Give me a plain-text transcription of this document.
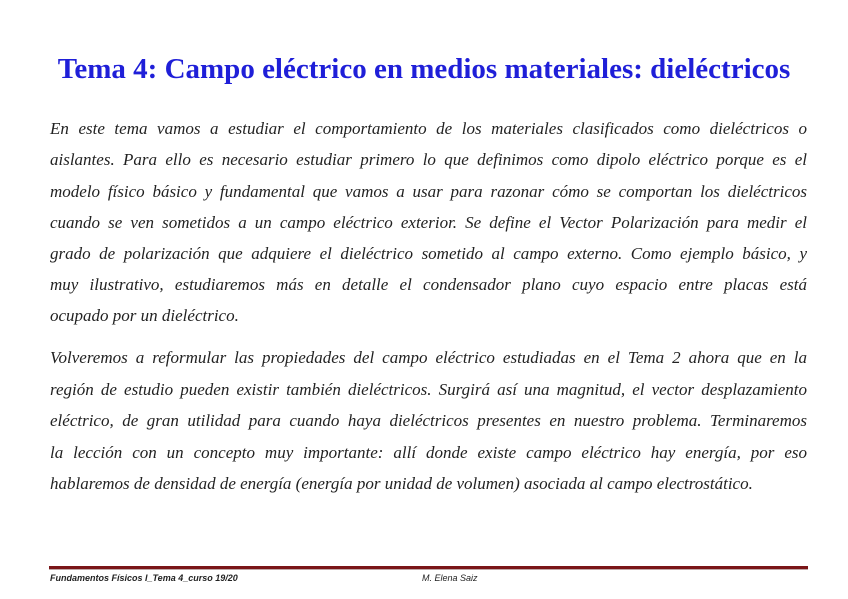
Tema 4: Campo eléctrico en medios materiales: dieléctricos
En este tema vamos a estudiar el comportamiento de los materiales clasificados como dieléctricos o
aislantes. Para ello es necesario estudiar primero lo que definimos como dipolo eléctrico porque es el
modelo físico básico y fundamental que vamos a usar para razonar cómo se comportan los dieléctricos
cuando se ven sometidos a un campo eléctrico exterior. Se define el Vector Polarización para medir el
grado de polarización que adquiere el dieléctrico sometido al campo externo. Como ejemplo básico, y
muy ilustrativo, estudiaremos más en detalle el condensador plano cuyo espacio entre placas está
ocupado por un dieléctrico.
Volveremos a reformular las propiedades del campo eléctrico estudiadas en el Tema 2 ahora que en la
región de estudio pueden existir también dieléctricos. Surgirá así una magnitud, el vector desplazamiento
eléctrico, de gran utilidad para cuando haya dieléctricos presentes en nuestro problema. Terminaremos
la lección con un concepto muy importante: allí donde existe campo eléctrico hay energía, por eso
hablaremos de densidad de energía (energía por unidad de volumen) asociada al campo electrostático.
Fundamentos Físicos I_Tema 4_curso 19/20	M. Elena Saiz
